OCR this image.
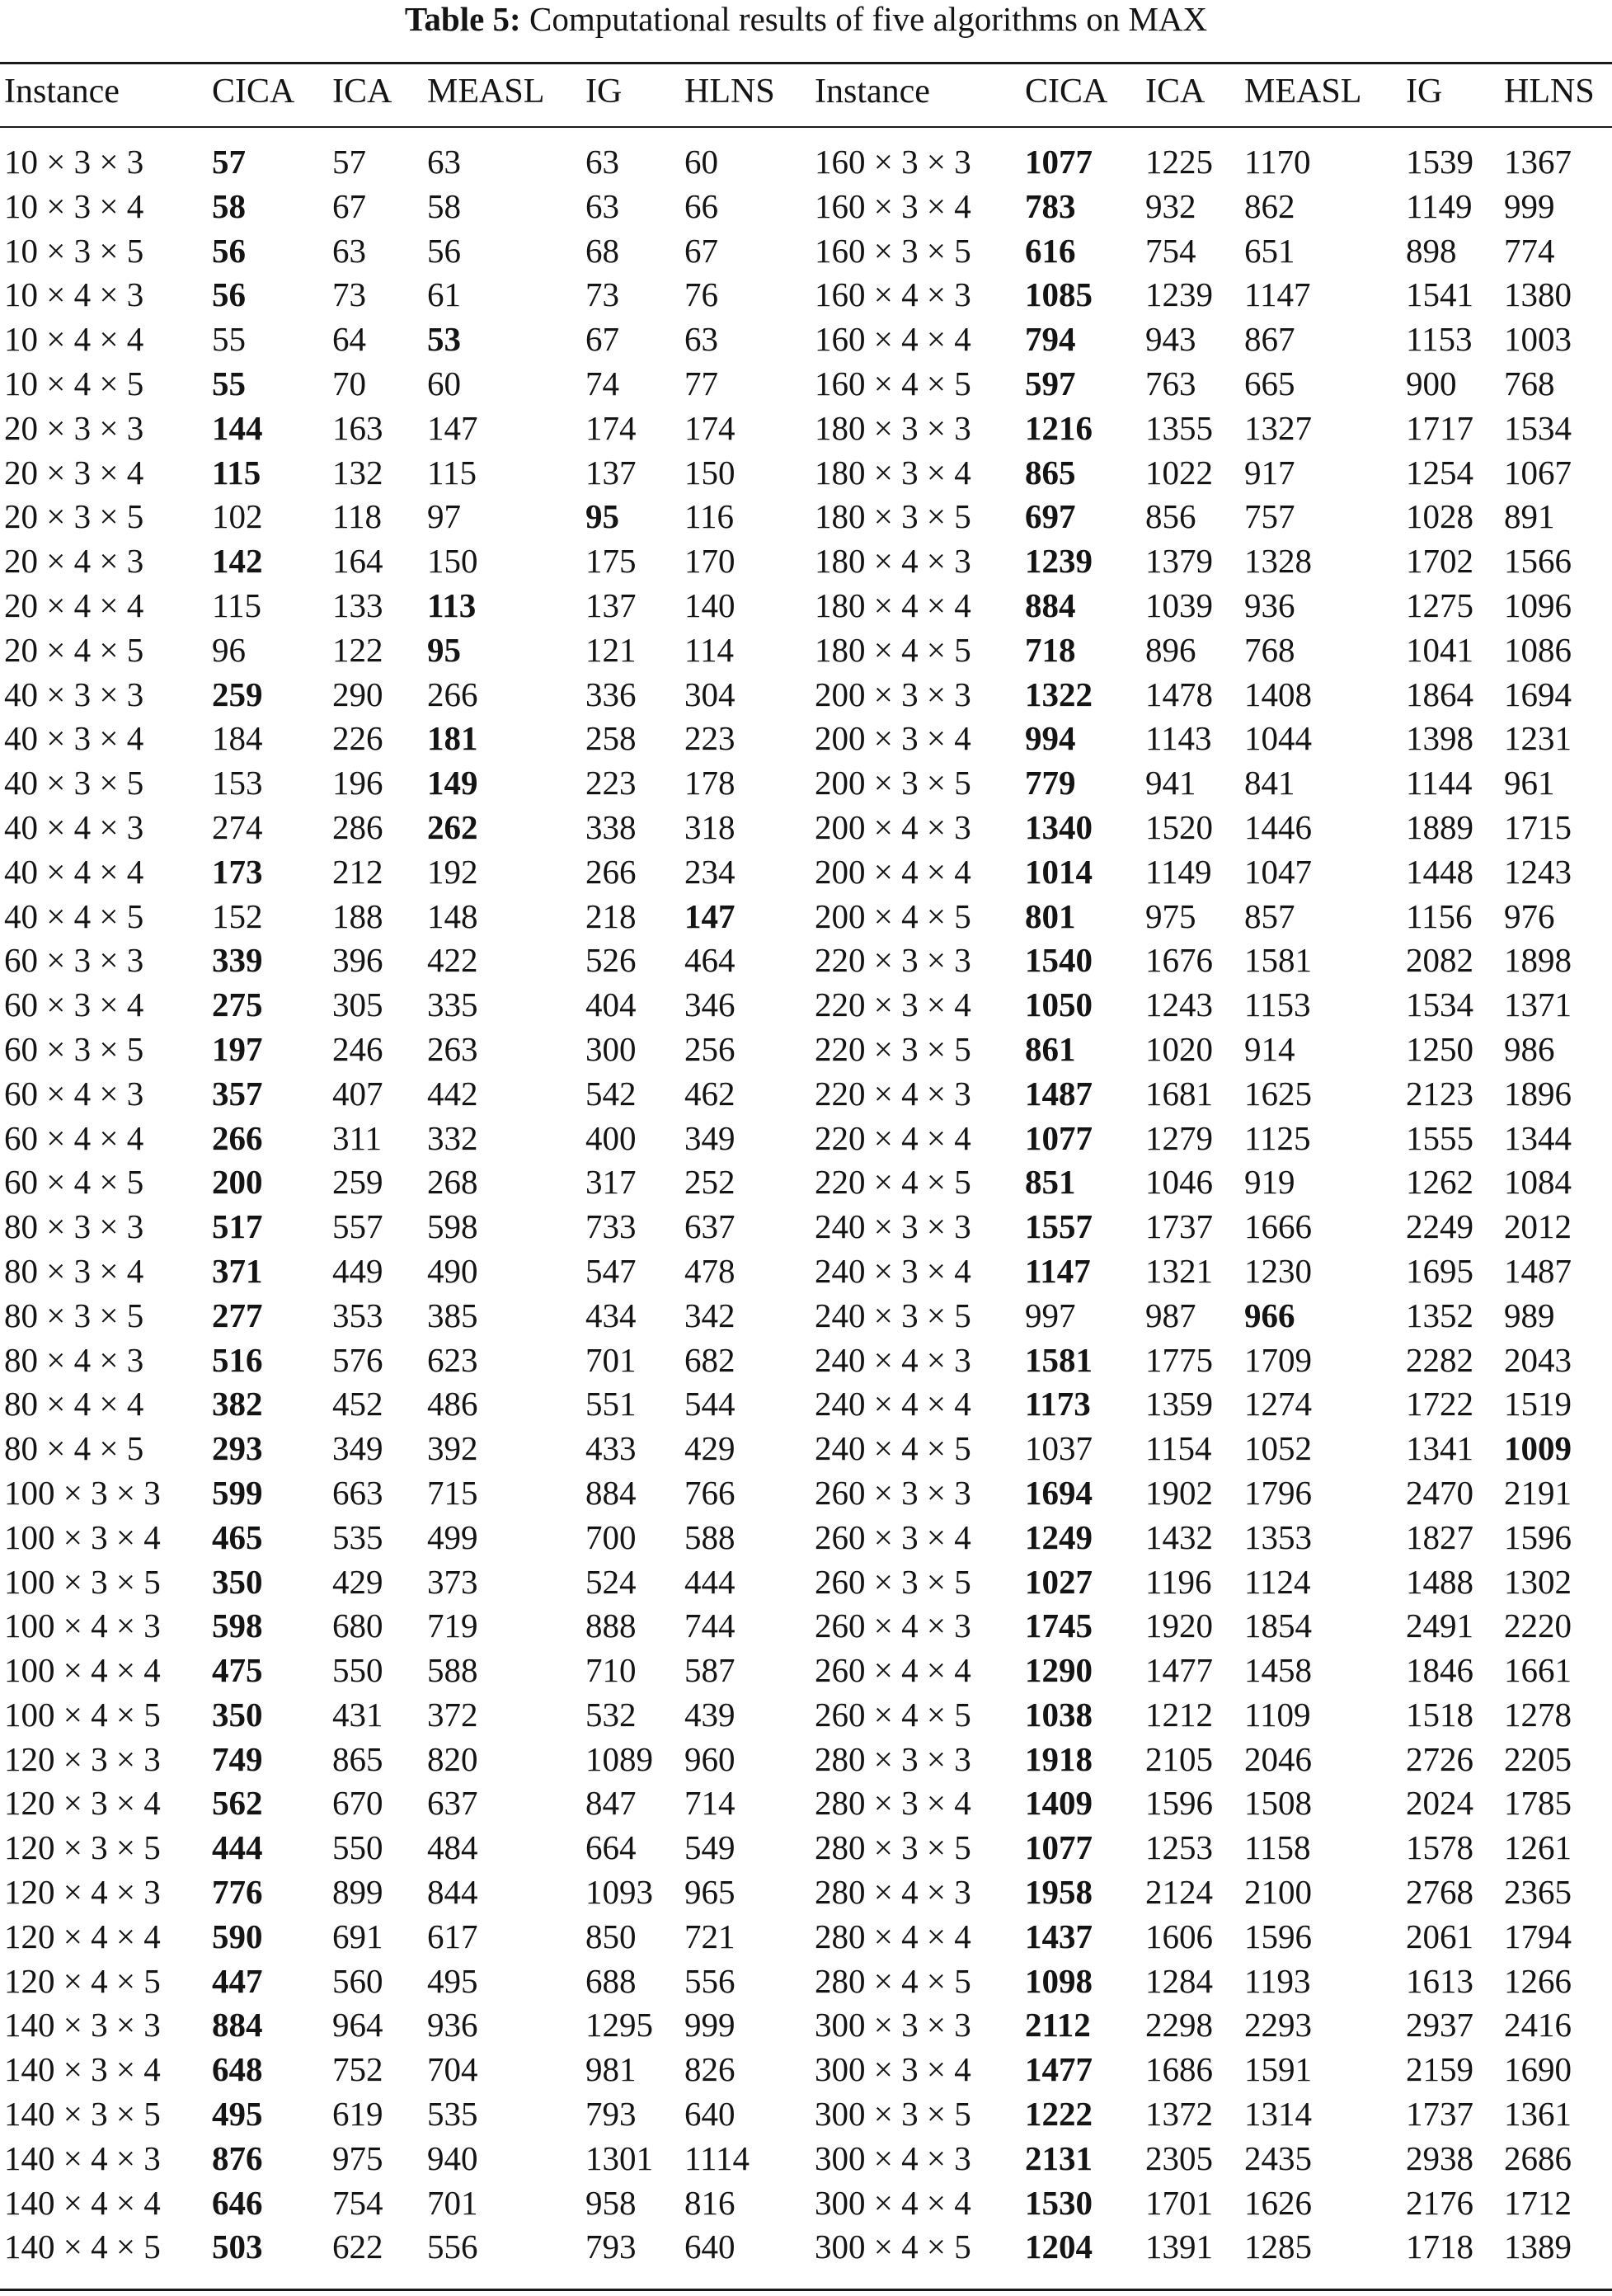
Table 5: Computational results of five algorithms on MAX
Instance	CICA ICA MEASL IG HLNS Instance	CICA ICA MEASL IG HLNS
10 × 3 × 3 57	57 63	63 60	160 × 3 × 3 1077 1225 1170	1539 1367
10 × 3 × 4 58	67 58	63 66	160 × 3 × 4 783 932 862	1149 999
10 × 3 × 5 56	63 56	68 67	160 × 3 × 5 616 754 651	898 774
10 × 4 × 3 56	73 61	73 76	160 × 4 × 3 1085 1239 1147	1541 1380
10 × 4 × 4 55	64 53	67 63	160 × 4 × 4 794 943 867	1153 1003
10 × 4 × 5 55	70 60	74 77	160 × 4 × 5 597 763 665	900 768
20 × 3 × 3 144 163 147	174 174 180 × 3 × 3 1216 1355 1327	1717 1534
20 × 3 × 4 115 132 115	137 150 180 × 3 × 4 865 1022 917	1254 1067
20 × 3 × 5 102 118 97	95 116 180 × 3 × 5 697 856 757	1028 891
20 × 4 × 3 142 164 150	175 170 180 × 4 × 3 1239 1379 1328	1702 1566
20 × 4 × 4 115 133 113	137 140 180 × 4 × 4 884 1039 936	1275 1096
20 × 4 × 5 96	122 95	121 114 180 × 4 × 5 718 896 768	1041 1086
40 × 3 × 3 259 290 266	336 304 200 × 3 × 3 1322 1478 1408	1864 1694
40 × 3 × 4 184 226 181	258 223 200 × 3 × 4 994 1143 1044	1398 1231
40 × 3 × 5 153 196 149	223 178 200 × 3 × 5 779 941 841	1144 961
40 × 4 × 3 274 286 262	338 318 200 × 4 × 3 1340 1520 1446	1889 1715
40 × 4 × 4 173 212 192	266 234 200 × 4 × 4 1014 1149 1047	1448 1243
40 × 4 × 5 152 188 148	218 147 200 × 4 × 5 801 975 857	1156 976
60 × 3 × 3 339 396 422	526 464 220 × 3 × 3 1540 1676 1581	2082 1898
60 × 3 × 4 275 305 335	404 346 220 × 3 × 4 1050 1243 1153	1534 1371
60 × 3 × 5 197 246 263	300 256 220 × 3 × 5 861 1020 914	1250 986
60 × 4 × 3 357 407 442	542 462 220 × 4 × 3 1487 1681 1625	2123 1896
60 × 4 × 4 266 311 332	400 349 220 × 4 × 4 1077 1279 1125	1555 1344
60 × 4 × 5 200 259 268	317 252 220 × 4 × 5 851 1046 919	1262 1084
80 × 3 × 3 517 557 598	733 637 240 × 3 × 3 1557 1737 1666	2249 2012
80 × 3 × 4 371 449 490	547 478 240 × 3 × 4 1147 1321 1230	1695 1487
80 × 3 × 5 277 353 385	434 342 240 × 3 × 5 997 987 966	1352 989
80 × 4 × 3 516 576 623	701 682 240 × 4 × 3 1581 1775 1709	2282 2043
80 × 4 × 4 382 452 486	551 544 240 × 4 × 4 1173 1359 1274	1722 1519
80 × 4 × 5 293 349 392	433 429 240 × 4 × 5 1037 1154 1052	1341 1009
100 × 3 × 3 599 663 715	884 766 260 × 3 × 3 1694 1902 1796	2470 2191
100 × 3 × 4 465 535 499	700 588 260 × 3 × 4 1249 1432 1353	1827 1596
100 × 3 × 5 350 429 373	524 444 260 × 3 × 5 1027 1196 1124	1488 1302
100 × 4 × 3 598 680 719	888 744 260 × 4 × 3 1745 1920 1854	2491 2220
100 × 4 × 4 475 550 588	710 587 260 × 4 × 4 1290 1477 1458	1846 1661
100 × 4 × 5 350 431 372	532 439 260 × 4 × 5 1038 1212 1109	1518 1278
120 × 3 × 3 749 865 820	1089 960 280 × 3 × 3 1918 2105 2046	2726 2205
120 × 3 × 4 562 670 637	847 714 280 × 3 × 4 1409 1596 1508	2024 1785
120 × 3 × 5 444 550 484	664 549 280 × 3 × 5 1077 1253 1158	1578 1261
120 × 4 × 3 776 899 844	1093 965 280 × 4 × 3 1958 2124 2100	2768 2365
120 × 4 × 4 590 691 617	850 721 280 × 4 × 4 1437 1606 1596	2061 1794
120 × 4 × 5 447 560 495	688 556 280 × 4 × 5 1098 1284 1193	1613 1266
140 × 3 × 3 884 964 936	1295 999 300 × 3 × 3 2112 2298 2293	2937 2416
140 × 3 × 4 648 752 704	981 826 300 × 3 × 4 1477 1686 1591	2159 1690
140 × 3 × 5 495 619 535	793 640 300 × 3 × 5 1222 1372 1314	1737 1361
140 × 4 × 3 876 975 940	1301 1114 300 × 4 × 3 2131 2305 2435	2938 2686
140 × 4 × 4 646 754 701	958 816 300 × 4 × 4 1530 1701 1626	2176 1712
140 × 4 × 5 503 622 556	793 640 300 × 4 × 5 1204 1391 1285	1718 1389
